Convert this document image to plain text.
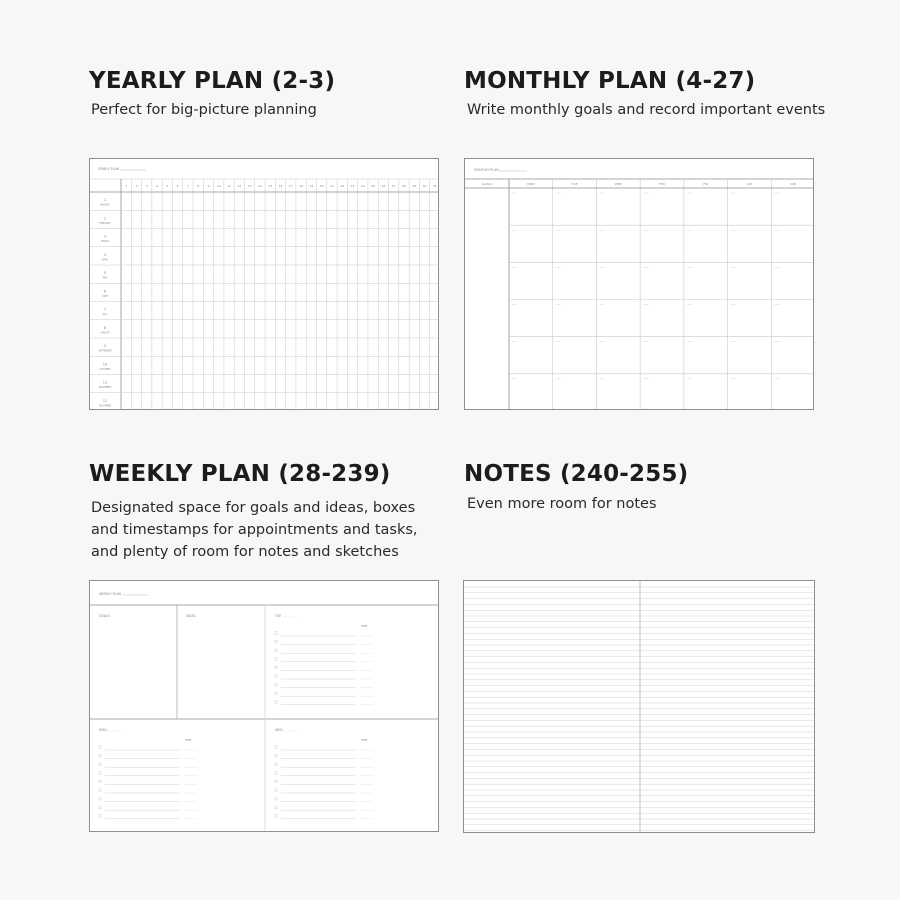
YEARLY PLAN (2-3)

Perfect for big-picture planning

YEARLY PLAN
1	2	3	4	5	6	7	8	9 10 11 12 13 14 15 16 17 18 19 20 21 22 23 24 25 26 27 28 29 30 31
1
JANUARY
2
FEBRUARY
3
MARCH
4
APRIL
5
MAY
6
JUNE
7
JULY
8
AUGUST
9
SEPTEMBER
10
OCTOBER
11
NOVEMBER
12
DECEMBER
MONTHLY PLAN (4-27)

Write monthly goals and record important events

MONTHLY PLAN
GOALS	MON	TUE	WED	THU	FRI	SAT	SUN
WEEKLY PLAN (28-239)

Designated space for goals and ideas, boxes and timestamps for appointments and tasks, and plenty of room for notes and sketches

WEEKLY PLAN
GOALS	IDEAS	TUE
TIME
MON
TIME
WED
TIME
NOTES (240-255)

Even more room for notes
